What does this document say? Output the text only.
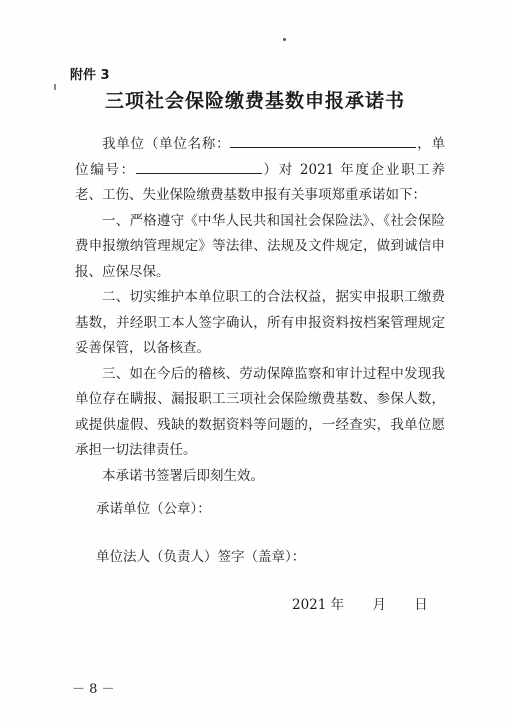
附件 3
三项社会保险缴费基数申报承诺书

我单位（单位名称：	，单位编号：	）对 2021 年度企业职工养老、工伤、失业保险缴费基数申报有关事项郑重承诺如下：

一、严格遵守《中华人民共和国社会保险法》、《社会保险费申报缴纳管理规定》等法律、法规及文件规定，做到诚信申报、应保尽保。

二、切实维护本单位职工的合法权益，据实申报职工缴费基数，并经职工本人签字确认，所有申报资料按档案管理规定妥善保管，以备核查。

三、如在今后的稽核、劳动保障监察和审计过程中发现我单位存在瞒报、漏报职工三项社会保险缴费基数、参保人数，或提供虚假、残缺的数据资料等问题的，一经查实，我单位愿承担一切法律责任。

本承诺书签署后即刻生效。

承诺单位（公章）：
单位法人（负责人）签字（盖章）：
2021 年 月 日
－ 8 －
